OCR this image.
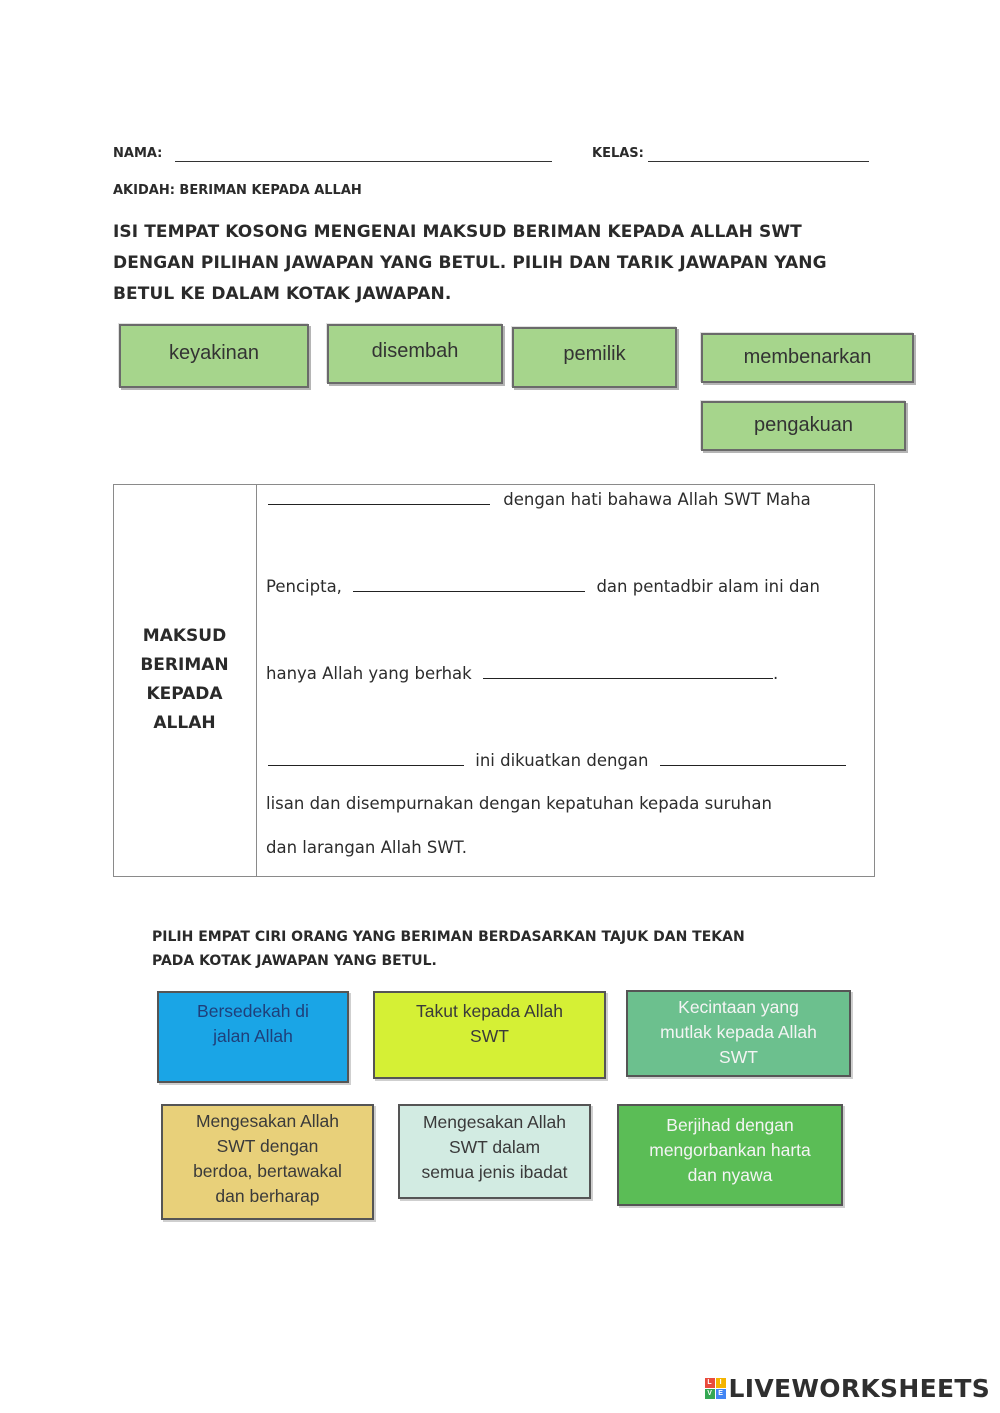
NAMA:	KELAS:
AKIDAH: BERIMAN KEPADA ALLAH
ISI TEMPAT KOSONG MENGENAI MAKSUD BERIMAN KEPADA ALLAH SWT
DENGAN PILIHAN JAWAPAN YANG BETUL. PILIH DAN TARIK JAWAPAN YANG
BETUL KE DALAM KOTAK JAWAPAN.
keyakinan	disembah	pemilik	membenarkan
pengakuan
MAKSUD
BERIMAN
KEPADA
ALLAH
dengan hati bahawa Allah SWT Maha
Pencipta,	dan pentadbir alam ini dan
hanya Allah yang berhak	.
ini dikuatkan dengan
lisan dan disempurnakan dengan kepatuhan kepada suruhan
dan larangan Allah SWT.
PILIH EMPAT CIRI ORANG YANG BERIMAN BERDASARKAN TAJUK DAN TEKAN
PADA KOTAK JAWAPAN YANG BETUL.
Bersedekah di
jalan Allah
Takut kepada Allah
SWT
Kecintaan yang
mutlak kepada Allah
SWT
Mengesakan Allah
SWT dengan
berdoa, bertawakal
dan berharap
Mengesakan Allah
SWT dalam
semua jenis ibadat
Berjihad dengan
mengorbankan harta
dan nyawa
L	I
V E LIVEWORKSHEETS
